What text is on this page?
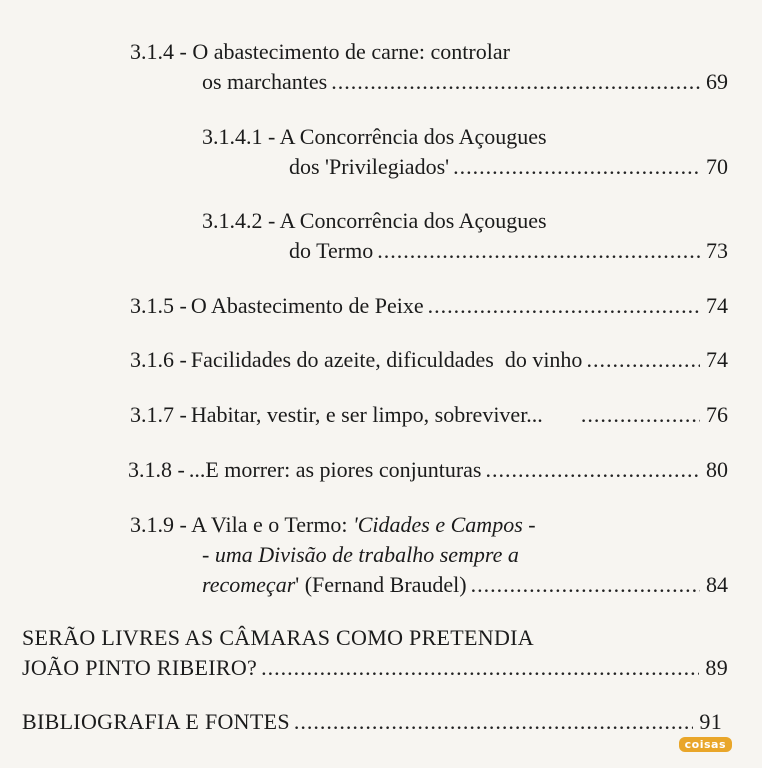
3.1.4 - O abastecimento de carne: controlar
os marchantes .....	69
3.1.4.1 - A Concorrência dos Açougues
dos 'Privilegiados' .....	70
3.1.4.2 - A Concorrência dos Açougues
do Termo .....	73
3.1.5 - O Abastecimento de Peixe .....	74
3.1.6 - Facilidades do azeite, dificuldades  do vinho .....	74
3.1.7 - Habitar, vestir, e ser limpo, sobreviver... .....	76
3.1.8 - ...E morrer: as piores conjunturas .....	80
3.1.9 - A Vila e o Termo: 'Cidades e Campos -
- uma Divisão de trabalho sempre a
recomeçar ' (Fernand Braudel) .....	84
SERÃO LIVRES AS CÂMARAS COMO PRETENDIA
JOÃO PINTO RIBEIRO? .....	89
BIBLIOGRAFIA E FONTES .....	91
coisas
